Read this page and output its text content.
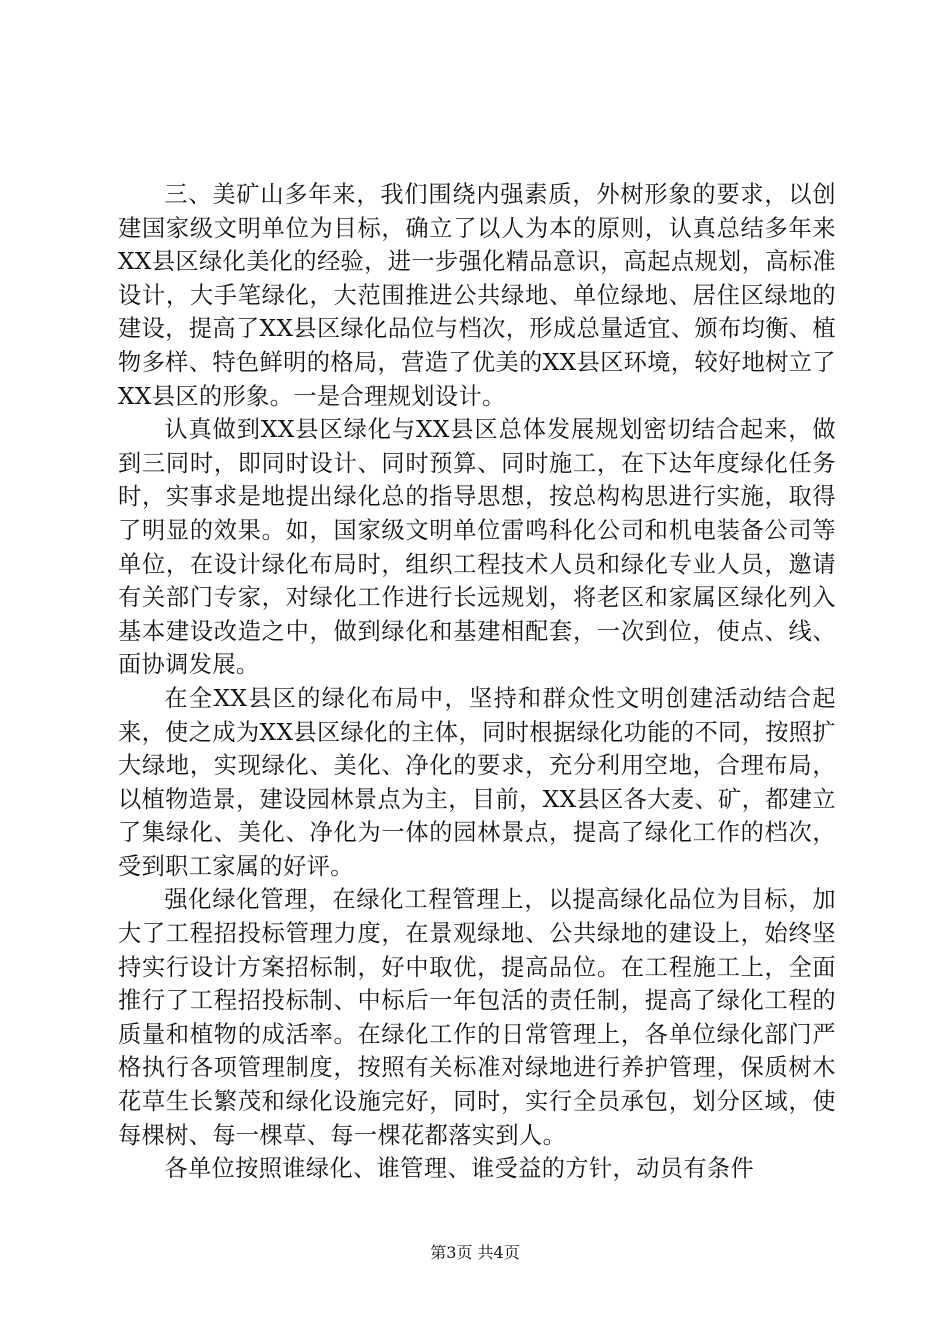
三、美矿山多年来，我们围绕内强素质，外树形象的要求，以创建国家级文明单位为目标，确立了以人为本的原则，认真总结多年来XX县区绿化美化的经验，进一步强化精品意识，高起点规划，高标准设计，大手笔绿化，大范围推进公共绿地、单位绿地、居住区绿地的建设，提高了XX县区绿化品位与档次，形成总量适宜、颁布均衡、植物多样、特色鲜明的格局，营造了优美的XX县区环境，较好地树立了XX县区的形象。一是合理规划设计。

认真做到XX县区绿化与XX县区总体发展规划密切结合起来，做到三同时，即同时设计、同时预算、同时施工，在下达年度绿化任务时，实事求是地提出绿化总的指导思想，按总构构思进行实施，取得了明显的效果。如，国家级文明单位雷鸣科化公司和机电装备公司等单位，在设计绿化布局时，组织工程技术人员和绿化专业人员，邀请有关部门专家，对绿化工作进行长远规划，将老区和家属区绿化列入基本建设改造之中，做到绿化和基建相配套，一次到位，使点、线、面协调发展。

在全XX县区的绿化布局中，坚持和群众性文明创建活动结合起来，使之成为XX县区绿化的主体，同时根据绿化功能的不同，按照扩大绿地，实现绿化、美化、净化的要求，充分利用空地，合理布局，以植物造景，建设园林景点为主，目前，XX县区各大麦、矿，都建立了集绿化、美化、净化为一体的园林景点，提高了绿化工作的档次，受到职工家属的好评。

强化绿化管理，在绿化工程管理上，以提高绿化品位为目标，加大了工程招投标管理力度，在景观绿地、公共绿地的建设上，始终坚持实行设计方案招标制，好中取优，提高品位。在工程施工上，全面推行了工程招投标制、中标后一年包活的责任制，提高了绿化工程的质量和植物的成活率。在绿化工作的日常管理上，各单位绿化部门严格执行各项管理制度，按照有关标准对绿地进行养护管理，保质树木花草生长繁茂和绿化设施完好，同时，实行全员承包，划分区域，使每棵树、每一棵草、每一棵花都落实到人。

各单位按照谁绿化、谁管理、谁受益的方针，动员有条件

第3页 共4页
